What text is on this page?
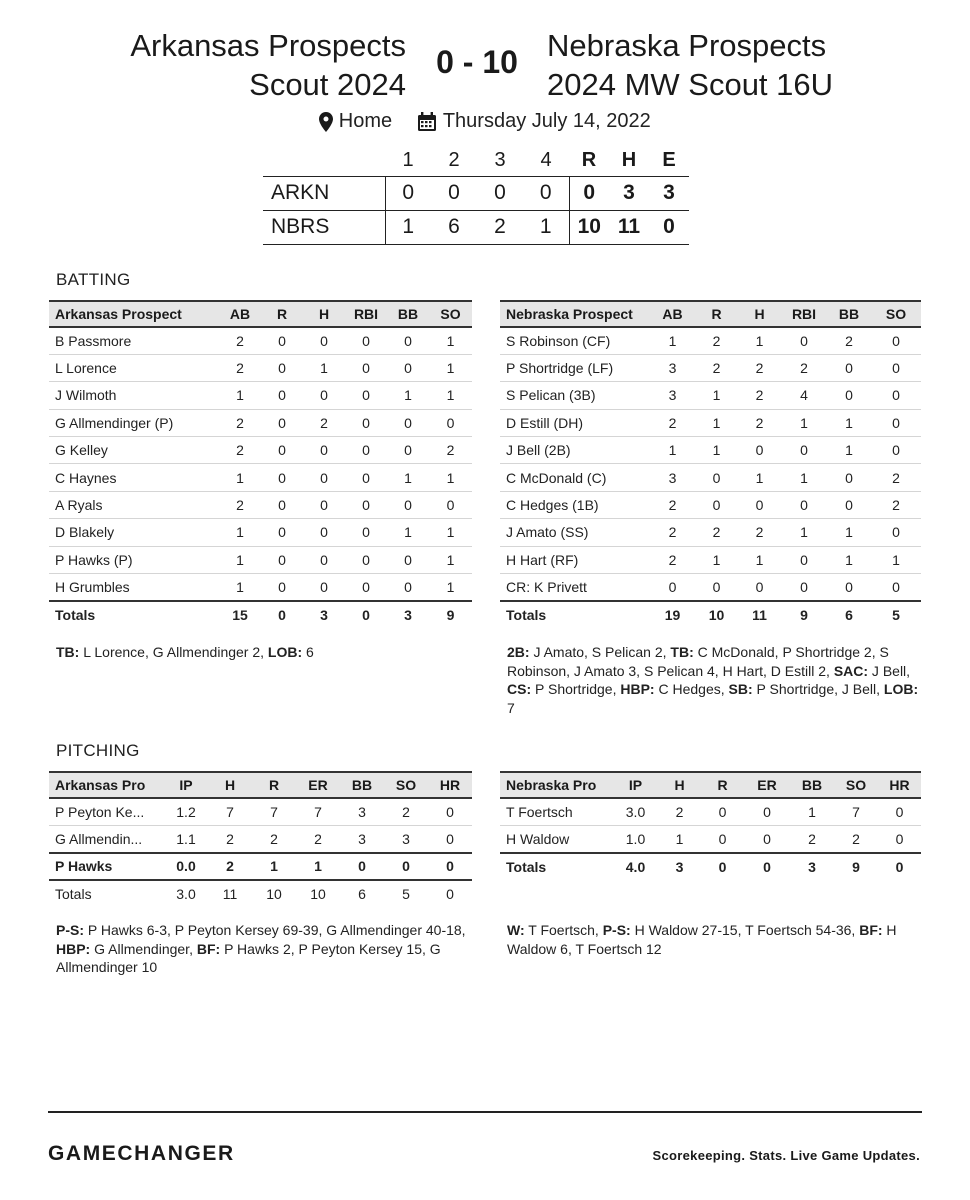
Arkansas Prospects
Scout 2024
0 - 10 Nebraska Prospects
2024 MW Scout 16U
Home	Thursday July 14, 2022
	1	2	3	4	R	H	E
ARKN	0	0	0	0	0	3	3
NBRS	1	6	2	1	10	11	0
BATTING
Arkansas Prospect	AB	R	H	RBI	BB	SO
B Passmore	2	0	0	0	0	1
L Lorence	2	0	1	0	0	1
J Wilmoth	1	0	0	0	1	1
G Allmendinger (P)	2	0	2	0	0	0
G Kelley	2	0	0	0	0	2
C Haynes	1	0	0	0	1	1
A Ryals	2	0	0	0	0	0
D Blakely	1	0	0	0	1	1
P Hawks (P)	1	0	0	0	0	1
H Grumbles	1	0	0	0	0	1
Totals	15	0	3	0	3	9
Nebraska Prospect	AB	R	H	RBI	BB	SO
S Robinson (CF)	1	2	1	0	2	0
P Shortridge (LF)	3	2	2	2	0	0
S Pelican (3B)	3	1	2	4	0	0
D Estill (DH)	2	1	2	1	1	0
J Bell (2B)	1	1	0	0	1	0
C McDonald (C)	3	0	1	1	0	2
C Hedges (1B)	2	0	0	0	0	2
J Amato (SS)	2	2	2	1	1	0
H Hart (RF)	2	1	1	0	1	1
CR: K Privett	0	0	0	0	0	0
Totals	19	10	11	9	6	5
TB: L Lorence, G Allmendinger 2, LOB: 6	2B: J Amato, S Pelican 2, TB: C McDonald, P Shortridge 2, S Robinson, J Amato 3, S Pelican 4, H Hart, D Estill 2, SAC: J Bell, CS: P Shortridge, HBP: C Hedges, SB: P Shortridge, J Bell, LOB: 7
PITCHING
Arkansas Pro	IP	H	R	ER	BB	SO	HR
P Peyton Ke...	1.2	7	7	7	3	2	0
G Allmendin...	1.1	2	2	2	3	3	0
P Hawks	0.0	2	1	1	0	0	0
Totals	3.0	11	10	10	6	5	0
Nebraska Pro	IP	H	R	ER	BB	SO	HR
T Foertsch	3.0	2	0	0	1	7	0
H Waldow	1.0	1	0	0	2	2	0
Totals	4.0	3	0	0	3	9	0
P-S: P Hawks 6-3, P Peyton Kersey 69-39, G Allmendinger 40-18, HBP: G Allmendinger, BF: P Hawks 2, P Peyton Kersey 15, G Allmendinger 10
W: T Foertsch, P-S: H Waldow 27-15, T Foertsch 54-36, BF: H Waldow 6, T Foertsch 12
GAMECHANGER	Scorekeeping. Stats. Live Game Updates.
